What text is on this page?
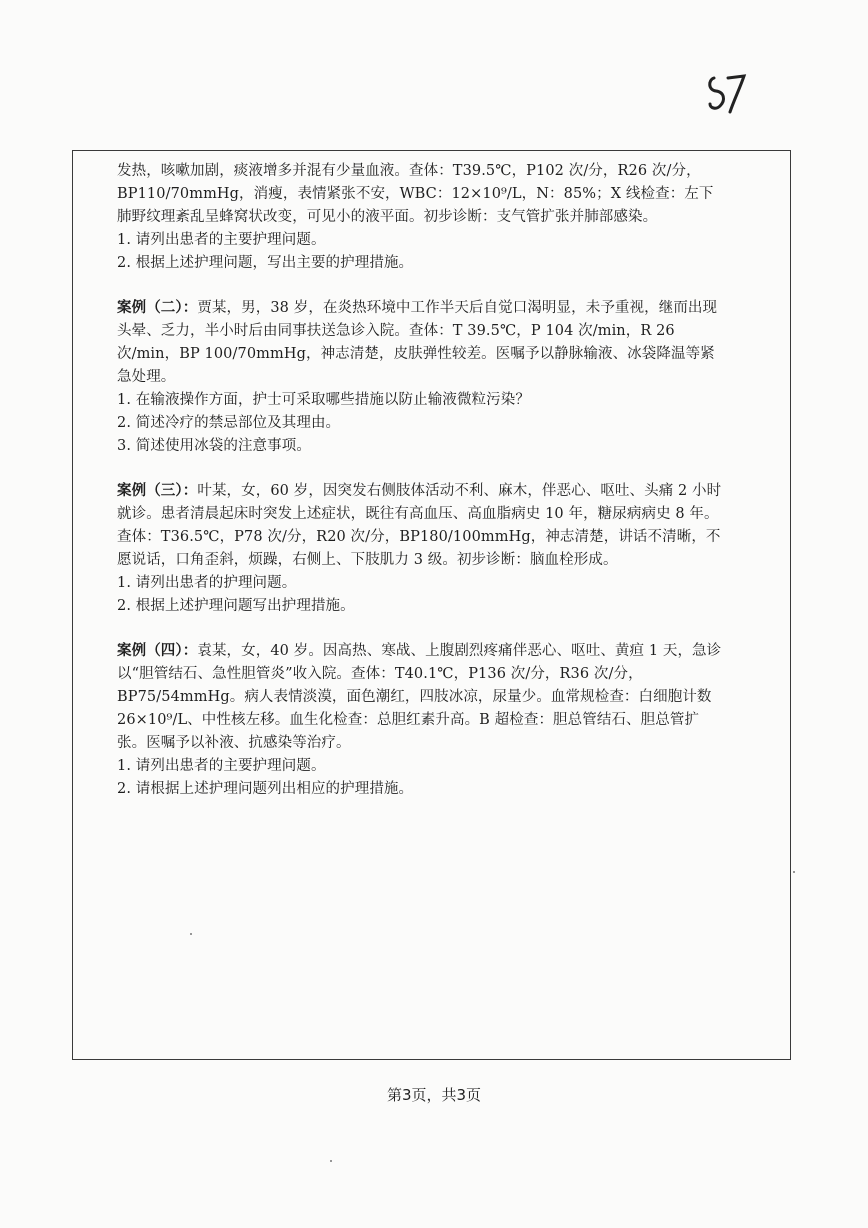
发热，咳嗽加剧，痰液增多并混有少量血液。查体：T39.5℃，P102 次/分，R26 次/分，BP110/70mmHg，消瘦，表情紧张不安，WBC：12×10⁹/L，N：85%；X 线检查：左下肺野纹理紊乱呈蜂窝状改变，可见小的液平面。初步诊断：支气管扩张并肺部感染。

1. 请列出患者的主要护理问题。

2. 根据上述护理问题，写出主要的护理措施。

案例（二）：贾某，男，38 岁，在炎热环境中工作半天后自觉口渴明显，未予重视，继而出现头晕、乏力，半小时后由同事扶送急诊入院。查体：T 39.5℃，P 104 次/min，R 26 次/min，BP 100/70mmHg，神志清楚，皮肤弹性较差。医嘱予以静脉输液、冰袋降温等紧急处理。

1. 在输液操作方面，护士可采取哪些措施以防止输液微粒污染？

2. 简述冷疗的禁忌部位及其理由。

3. 简述使用冰袋的注意事项。

案例（三）：叶某，女，60 岁，因突发右侧肢体活动不利、麻木，伴恶心、呕吐、头痛 2 小时就诊。患者清晨起床时突发上述症状，既往有高血压、高血脂病史 10 年，糖尿病病史 8 年。查体：T36.5℃，P78 次/分，R20 次/分，BP180/100mmHg，神志清楚，讲话不清晰，不愿说话，口角歪斜，烦躁，右侧上、下肢肌力 3 级。初步诊断：脑血栓形成。

1. 请列出患者的护理问题。

2. 根据上述护理问题写出护理措施。

案例（四）：袁某，女，40 岁。因高热、寒战、上腹剧烈疼痛伴恶心、呕吐、黄疸 1 天，急诊以“胆管结石、急性胆管炎”收入院。查体：T40.1℃，P136 次/分，R36 次/分，BP75/54mmHg。病人表情淡漠，面色潮红，四肢冰凉，尿量少。血常规检查：白细胞计数 26×10⁹/L、中性核左移。血生化检查：总胆红素升高。B 超检查：胆总管结石、胆总管扩张。医嘱予以补液、抗感染等治疗。

1. 请列出患者的主要护理问题。

2. 请根据上述护理问题列出相应的护理措施。

第3页，共3页
